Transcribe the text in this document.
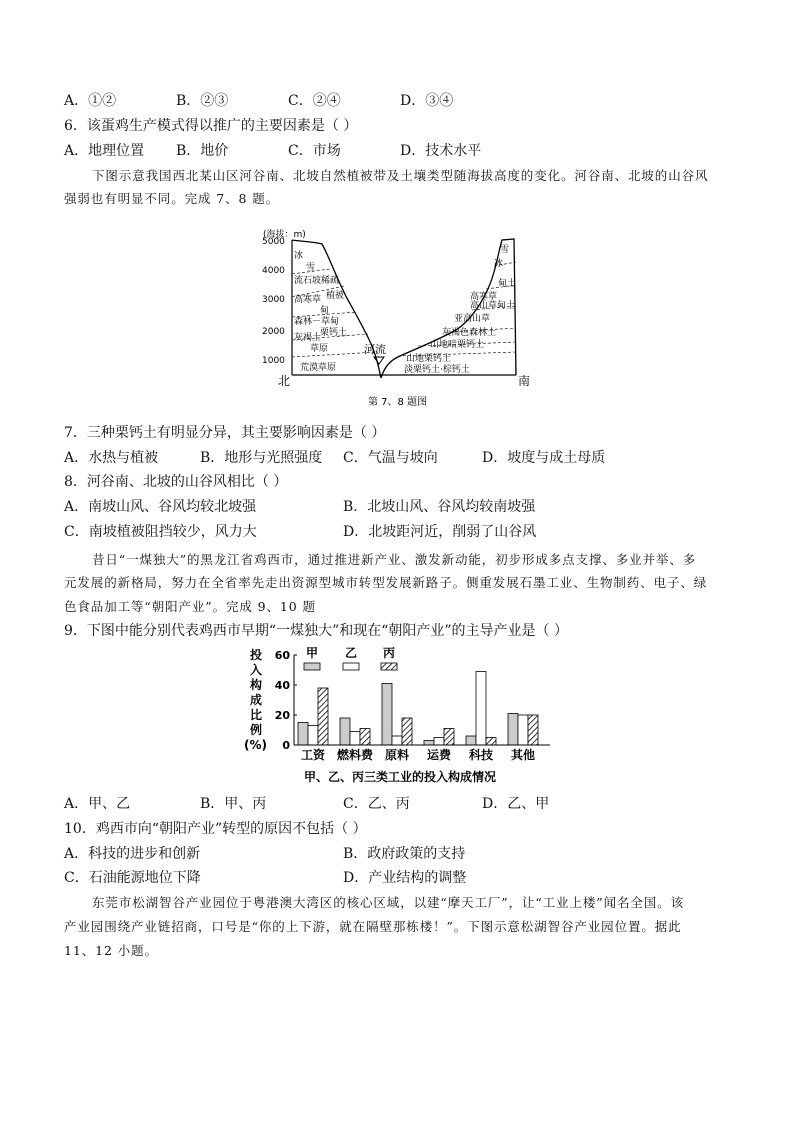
A．①②	B．②③	C．②④	D．③④
6．该蛋鸡生产模式得以推广的主要因素是（ ）
A．地理位置 B．地价	C．市场	D．技术水平
下图示意我国西北某山区河谷南、北坡自然植被带及土壤类型随海拔高度的变化。河谷南、北坡的山谷风
强弱也有明显不同。完成 7、8 题。
(海拔：m)
5000
4000
3000
2000
1000
冰
雪
流石坡稀疏
植被
高寒草
甸
森林－草甸
栗钙土
灰褐土
草原
荒漠草原
雪
冰
高寒草
甸土
高山草甸土
亚高山草
灰褐色森林土
山地暗栗钙土
山地栗钙土
淡栗钙土·棕钙土
河流
北	南
第 7、8 题图
7．三种栗钙土有明显分异，其主要影响因素是（ ）
A．水热与植被	B．地形与光照强度 C．气温与坡向	D．坡度与成土母质
8．河谷南、北坡的山谷风相比（ ）
A．南坡山风、谷风均较北坡强	B．北坡山风、谷风均较南坡强
C．南坡植被阻挡较少，风力大	D．北坡距河近，削弱了山谷风
昔日“一煤独大”的黑龙江省鸡西市，通过推进新产业、激发新动能，初步形成多点支撑、多业并举、多
元发展的新格局，努力在全省率先走出资源型城市转型发展新路子。侧重发展石墨工业、生物制药、电子、绿
色食品加工等“朝阳产业”。完成 9、10 题
9．下图中能分别代表鸡西市早期“一煤独大”和现在“朝阳产业”的主导产业是（ ）
投
入
构
成
比
例
(%)
60
40
20
0
甲 乙 丙
工资 燃料费 原料 运费 科技 其他
甲、乙、丙三类工业的投入构成情况
A．甲、乙	B．甲、丙	C．乙、丙	D．乙、甲
10．鸡西市向“朝阳产业”转型的原因不包括（ ）
A．科技的进步和创新	B．政府政策的支持
C．石油能源地位下降	D．产业结构的调整
东莞市松湖智谷产业园位于粤港澳大湾区的核心区域，以建“摩天工厂”，让“工业上楼”闻名全国。该
产业园围绕产业链招商，口号是“你的上下游，就在隔壁那栋楼！”。下图示意松湖智谷产业园位置。据此
11、12 小题。
